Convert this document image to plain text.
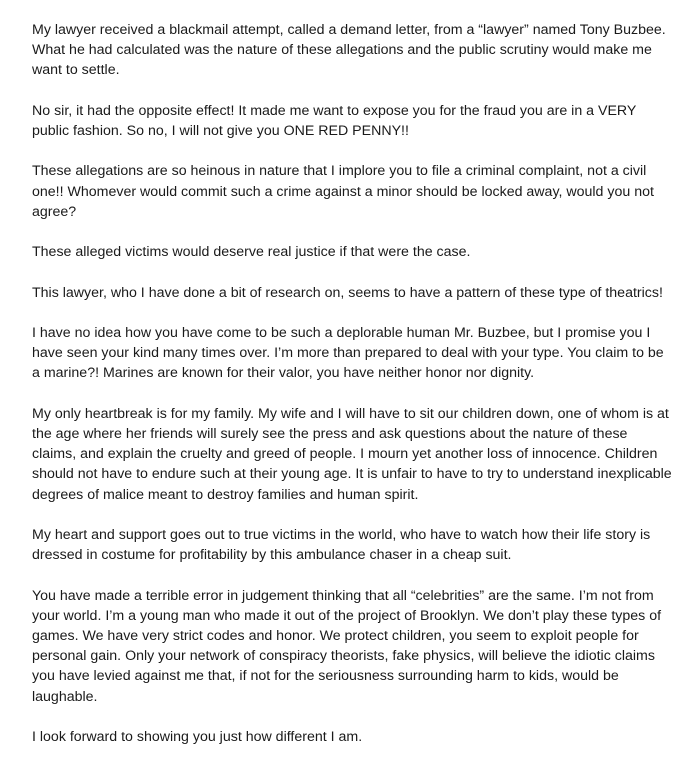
My lawyer received a blackmail attempt, called a demand letter, from a “lawyer” named Tony Buzbee. What he had calculated was the nature of these allegations and the public scrutiny would make me want to settle.

No sir, it had the opposite effect! It made me want to expose you for the fraud you are in a VERY public fashion. So no, I will not give you ONE RED PENNY!!

These allegations are so heinous in nature that I implore you to file a criminal complaint, not a civil one!! Whomever would commit such a crime against a minor should be locked away, would you not agree?

These alleged victims would deserve real justice if that were the case.

This lawyer, who I have done a bit of research on, seems to have a pattern of these type of theatrics!

I have no idea how you have come to be such a deplorable human Mr. Buzbee, but I promise you I have seen your kind many times over. I’m more than prepared to deal with your type. You claim to be a marine?! Marines are known for their valor, you have neither honor nor dignity.

My only heartbreak is for my family. My wife and I will have to sit our children down, one of whom is at the age where her friends will surely see the press and ask questions about the nature of these claims, and explain the cruelty and greed of people. I mourn yet another loss of innocence. Children should not have to endure such at their young age. It is unfair to have to try to understand inexplicable degrees of malice meant to destroy families and human spirit.

My heart and support goes out to true victims in the world, who have to watch how their life story is dressed in costume for profitability by this ambulance chaser in a cheap suit.

You have made a terrible error in judgement thinking that all “celebrities” are the same. I’m not from your world. I’m a young man who made it out of the project of Brooklyn. We don’t play these types of games. We have very strict codes and honor. We protect children, you seem to exploit people for personal gain. Only your network of conspiracy theorists, fake physics, will believe the idiotic claims you have levied against me that, if not for the seriousness surrounding harm to kids, would be laughable.

I look forward to showing you just how different I am.
